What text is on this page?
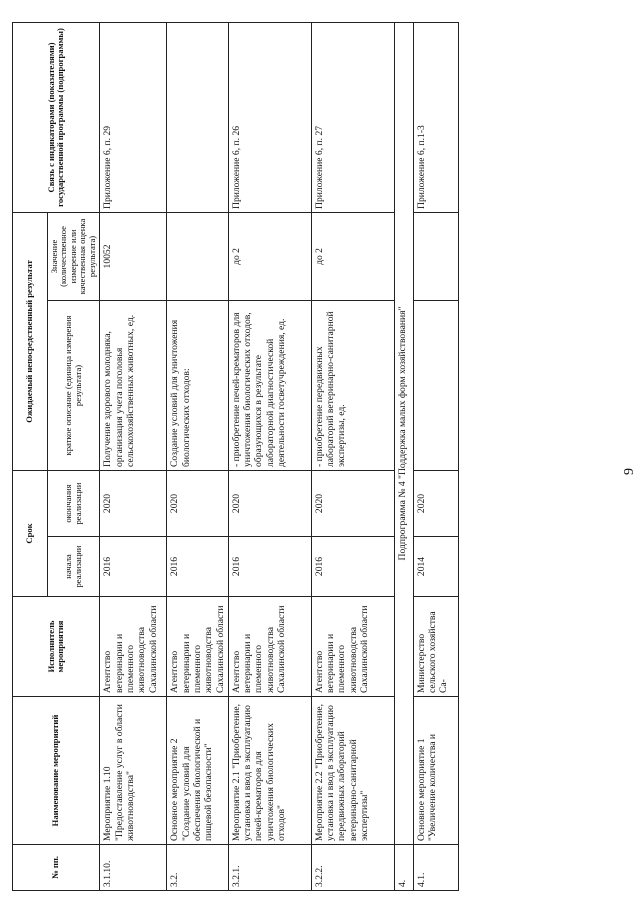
№ пп.	Наименование мероприятий	Исполнитель мероприятия	Срок		Ожидаемый непосредственный результат		Связь с индикаторами (показателями) государственной программы (подпрограммы)
			начала реализации	окончания реализации	краткое описание (единица измерения результата)	Значение (количественное измерение или качественная оценка результата)	
3.1.10.	Мероприятие 1.10 "Предоставление услуг в области животноводства"	Агентство ветеринарии и племенного животноводства Сахалинской области	2016	2020	Получение здорового молодняка, организация учета поголовья сельскохозяйственных животных, ед.	10052	Приложение 6, п. 29
3.2.	Основное мероприятие 2 "Создание условий для обеспечения биологической и пищевой безопасности"	Агентство ветеринарии и племенного животноводства Сахалинской области	2016	2020	Создание условий для уничтожения биологических отходов:		
3.2.1.	Мероприятие 2.1 "Приобретение, установка и ввод в эксплуатацию печей-крематоров для уничтожения биологических отходов"	Агентство ветеринарии и племенного животноводства Сахалинской области	2016	2020	- приобретение печей-крематоров для уничтожения биологических отходов, образующихся в результате лабораторной диагностической деятельности госветучреждения, ед.	до 2	Приложение 6, п. 26
3.2.2.	Мероприятие 2.2 "Приобретение, установка и ввод в эксплуатацию передвижных лабораторий ветеринарно-санитарной экспертизы"	Агентство ветеринарии и племенного животноводства Сахалинской области	2016	2020	- приобретение передвижных лабораторий ветеринарно-санитарной экспертизы, ед.	до 2	Приложение 6, п. 27
4.	Подпрограмма № 4 "Поддержка малых форм хозяйствования"						
4.1.	Основное мероприятие 1 "Увеличение количества и	Министерство сельского хозяйства Са-	2014	2020			Приложение 6, п.1-3
9
